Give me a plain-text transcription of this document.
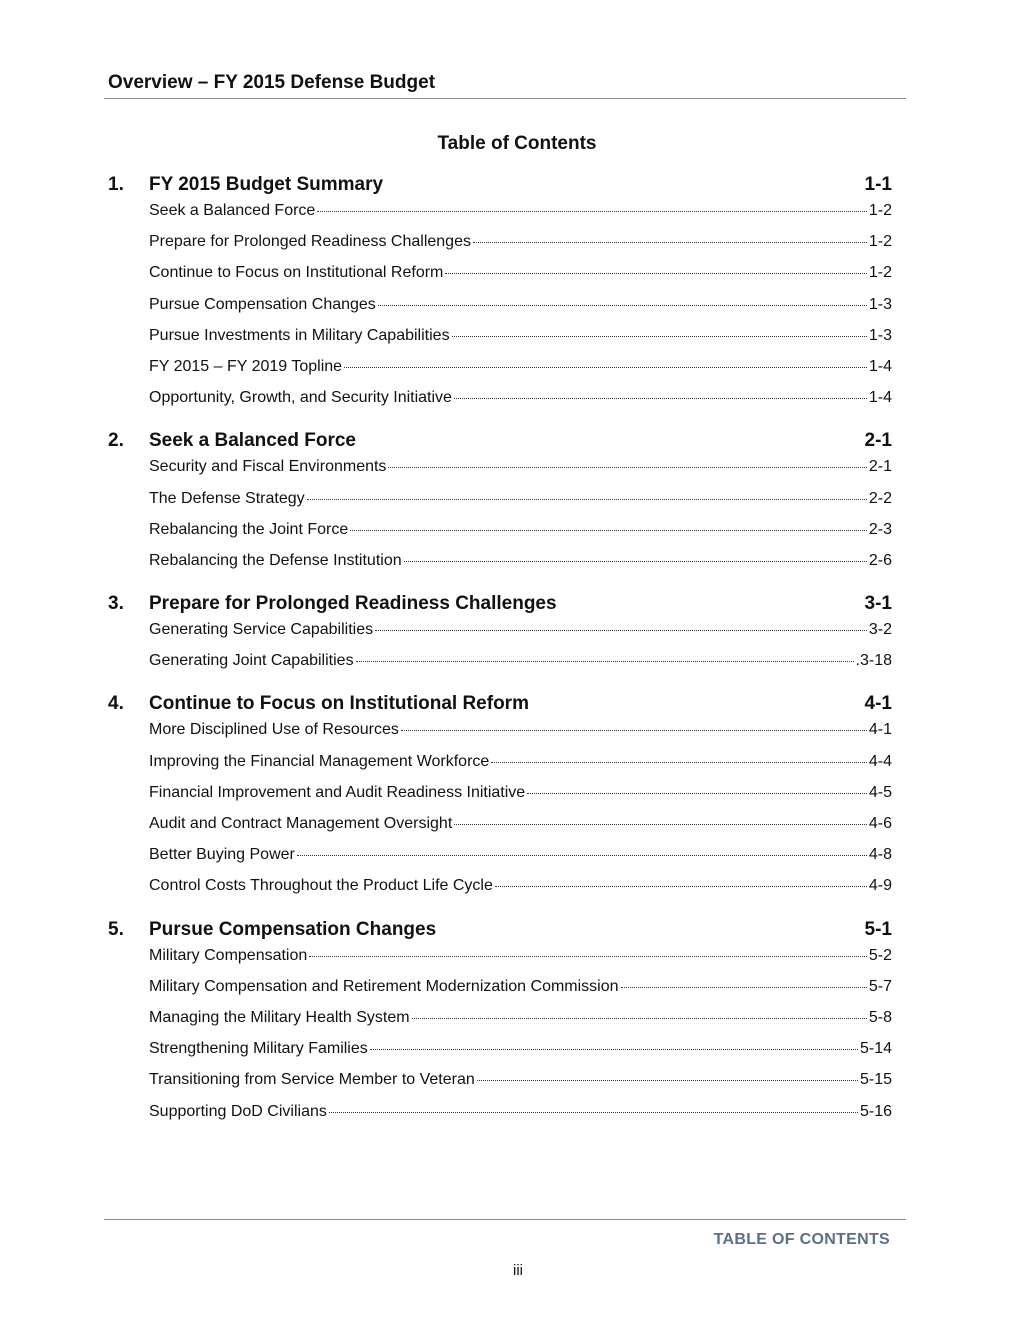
Overview – FY 2015 Defense Budget
Table of Contents
1.	FY 2015 Budget Summary	1-1
Seek a Balanced Force	1-2
Prepare for Prolonged Readiness Challenges	1-2
Continue to Focus on Institutional Reform	1-2
Pursue Compensation Changes	1-3
Pursue Investments in Military Capabilities	1-3
FY 2015 – FY 2019 Topline	1-4
Opportunity, Growth, and Security Initiative	1-4
2.	Seek a Balanced Force	2-1
Security and Fiscal Environments	2-1
The Defense Strategy	2-2
Rebalancing the Joint Force	2-3
Rebalancing the Defense Institution	2-6
3.	Prepare for Prolonged Readiness Challenges	3-1
Generating Service Capabilities	3-2
Generating Joint Capabilities	.3-18
4.	Continue to Focus on Institutional Reform	4-1
More Disciplined Use of Resources	4-1
Improving the Financial Management Workforce	4-4
Financial Improvement and Audit Readiness Initiative	4-5
Audit and Contract Management Oversight	4-6
Better Buying Power	4-8
Control Costs Throughout the Product Life Cycle	4-9
5.	Pursue Compensation Changes	5-1
Military Compensation	5-2
Military Compensation and Retirement Modernization Commission	5-7
Managing the Military Health System	5-8
Strengthening Military Families	5-14
Transitioning from Service Member to Veteran	5-15
Supporting DoD Civilians	5-16
TABLE OF CONTENTS
iii
